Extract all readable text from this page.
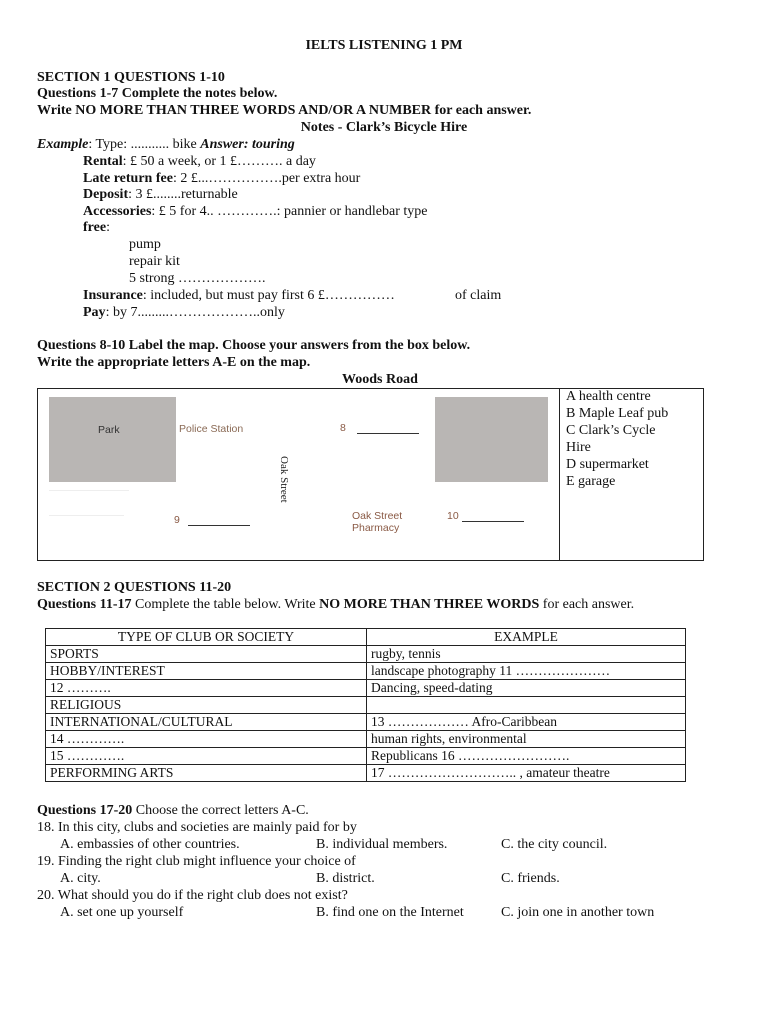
IELTS LISTENING 1 PM
SECTION 1 QUESTIONS 1-10
Questions 1-7 Complete the notes below.
Write NO MORE THAN THREE WORDS AND/OR A NUMBER for each answer.
Notes - Clark’s Bicycle Hire
Example: Type: ........... bike Answer: touring
Rental: £ 50 a week, or 1 £………. a day
Late return fee: 2 £...…………….per extra hour
Deposit: 3 £........returnable
Accessories: £ 5 for 4.. ………….: pannier or handlebar type
free:
pump
repair kit
5 strong ……………….
Insurance: included, but must pay first 6 £……………	of claim
Pay: by 7.........………………..only
Questions 8-10 Label the map. Choose your answers from the box below.
Write the appropriate letters A-E on the map.
Woods Road
Park	Police Station	8
Oak Street
9	Oak Street
Pharmacy
10
A health centre
B Maple Leaf pub
C Clark’s Cycle
Hire
D supermarket
E garage
SECTION 2 QUESTIONS 11-20
Questions 11-17 Complete the table below. Write NO MORE THAN THREE WORDS for each answer.
TYPE OF CLUB OR SOCIETY	EXAMPLE
SPORTS	rugby, tennis
HOBBY/INTEREST	landscape photography 11 …………………
12 ……….	Dancing, speed-dating
RELIGIOUS	
INTERNATIONAL/CULTURAL	13 ……………… Afro-Caribbean
14 ………….	human rights, environmental
15 ………….	Republicans 16 …………………….
PERFORMING ARTS	17 ……………………….. , amateur theatre
Questions 17-20 Choose the correct letters A-C.
18. In this city, clubs and societies are mainly paid for by
A. embassies of other countries.	B. individual members.	C. the city council.
19. Finding the right club might influence your choice of
A. city.	B. district.	C. friends.
20. What should you do if the right club does not exist?
A. set one up yourself	B. find one on the Internet	C. join one in another town
